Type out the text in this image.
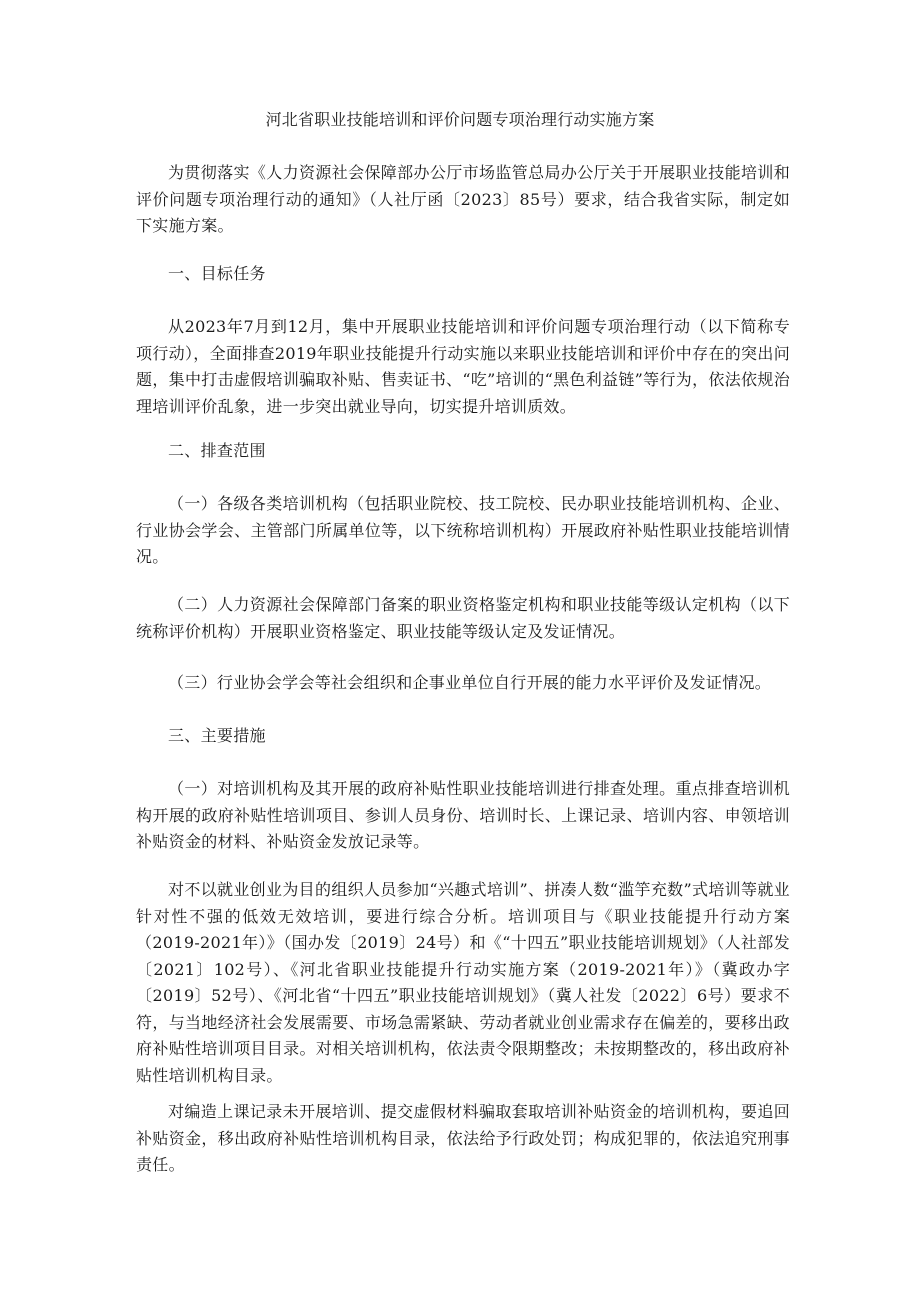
河北省职业技能培训和评价问题专项治理行动实施方案

为贯彻落实《人力资源社会保障部办公厅市场监管总局办公厅关于开展职业技能培训和评价问题专项治理行动的通知》（人社厅函〔2023〕85号）要求，结合我省实际，制定如下实施方案。

一、目标任务

从2023年7月到12月，集中开展职业技能培训和评价问题专项治理行动（以下简称专项行动），全面排查2019年职业技能提升行动实施以来职业技能培训和评价中存在的突出问题，集中打击虚假培训骗取补贴、售卖证书、“吃”培训的“黑色利益链”等行为，依法依规治理培训评价乱象，进一步突出就业导向，切实提升培训质效。

二、排查范围

（一）各级各类培训机构（包括职业院校、技工院校、民办职业技能培训机构、企业、行业协会学会、主管部门所属单位等，以下统称培训机构）开展政府补贴性职业技能培训情况。

（二）人力资源社会保障部门备案的职业资格鉴定机构和职业技能等级认定机构（以下统称评价机构）开展职业资格鉴定、职业技能等级认定及发证情况。

（三）行业协会学会等社会组织和企事业单位自行开展的能力水平评价及发证情况。

三、主要措施

（一）对培训机构及其开展的政府补贴性职业技能培训进行排查处理。重点排查培训机构开展的政府补贴性培训项目、参训人员身份、培训时长、上课记录、培训内容、申领培训补贴资金的材料、补贴资金发放记录等。

对不以就业创业为目的组织人员参加“兴趣式培训”、拼凑人数“滥竽充数”式培训等就业针对性不强的低效无效培训，要进行综合分析。培训项目与《职业技能提升行动方案（2019-2021年）》（国办发〔2019〕24号）和《“十四五”职业技能培训规划》（人社部发〔2021〕102号）、《河北省职业技能提升行动实施方案（2019-2021年）》（冀政办字〔2019〕52号）、《河北省“十四五”职业技能培训规划》（冀人社发〔2022〕6号）要求不符，与当地经济社会发展需要、市场急需紧缺、劳动者就业创业需求存在偏差的，要移出政府补贴性培训项目目录。对相关培训机构，依法责令限期整改；未按期整改的，移出政府补贴性培训机构目录。

对编造上课记录未开展培训、提交虚假材料骗取套取培训补贴资金的培训机构，要追回补贴资金，移出政府补贴性培训机构目录，依法给予行政处罚；构成犯罪的，依法追究刑事责任。
